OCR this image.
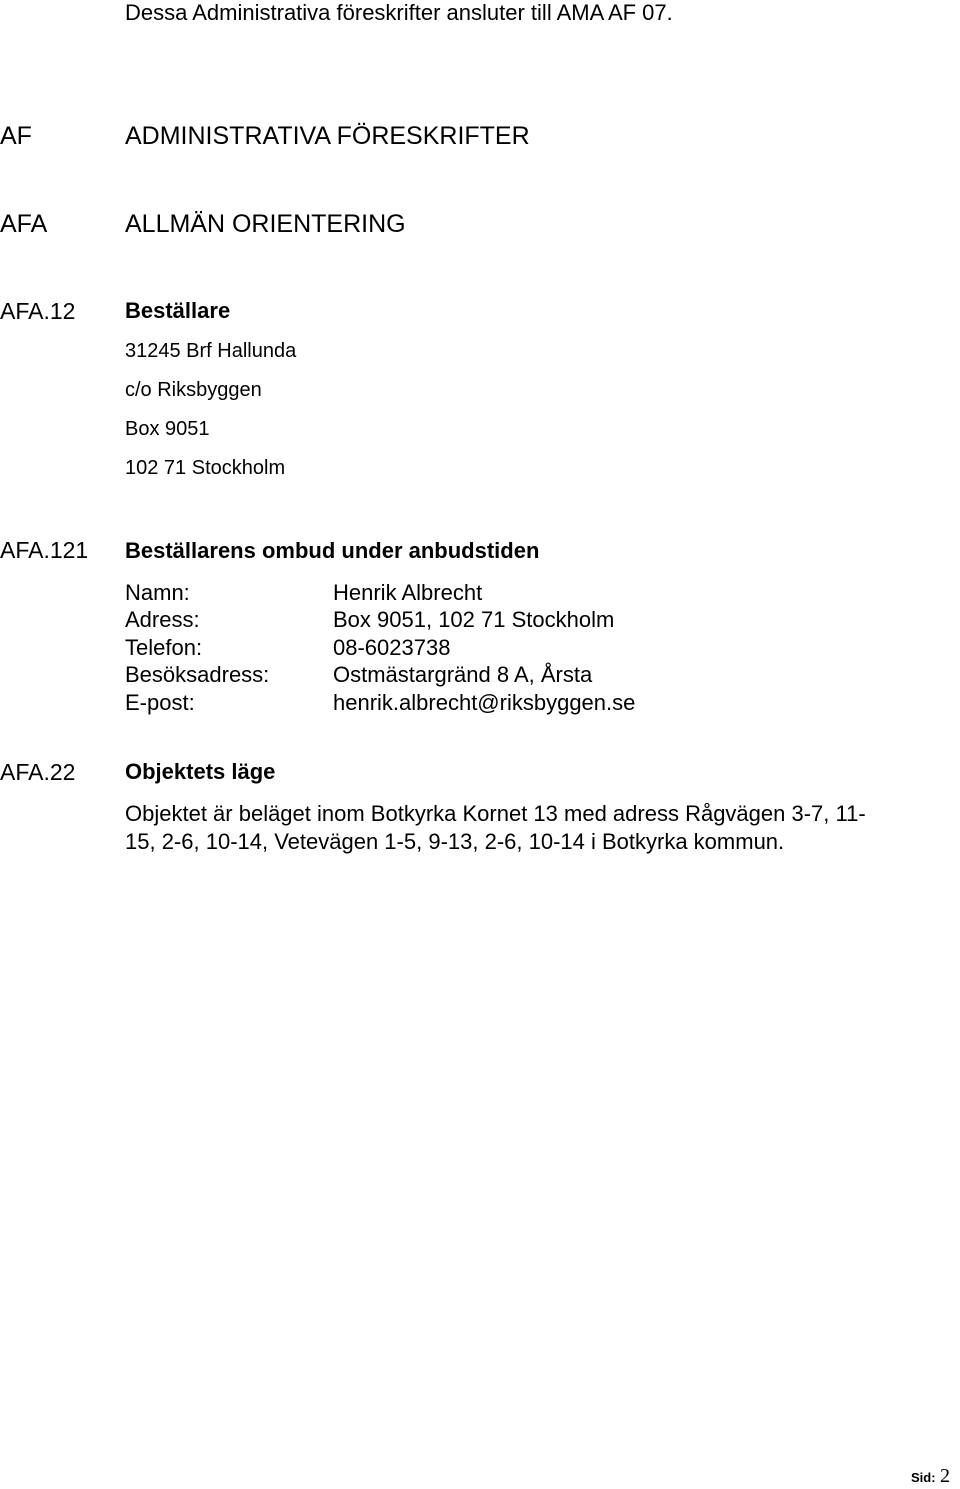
Dessa Administrativa föreskrifter ansluter till AMA AF 07.
AF	ADMINISTRATIVA FÖRESKRIFTER
AFA	ALLMÄN ORIENTERING
AFA.12 Beställare
31245 Brf Hallunda
c/o Riksbyggen
Box 9051
102 71 Stockholm
AFA.121 Beställarens ombud under anbudstiden
Namn:	Henrik Albrecht
Adress:	Box 9051, 102 71 Stockholm
Telefon:	08-6023738
Besöksadress:	Ostmästargränd 8 A, Årsta
E-post:	henrik.albrecht@riksbyggen.se
AFA.22 Objektets läge
Objektet är beläget inom Botkyrka Kornet 13 med adress Rågvägen 3-7, 11-15, 2-6, 10-14, Vetevägen 1-5, 9-13, 2-6, 10-14 i Botkyrka kommun.
Sid: 2
